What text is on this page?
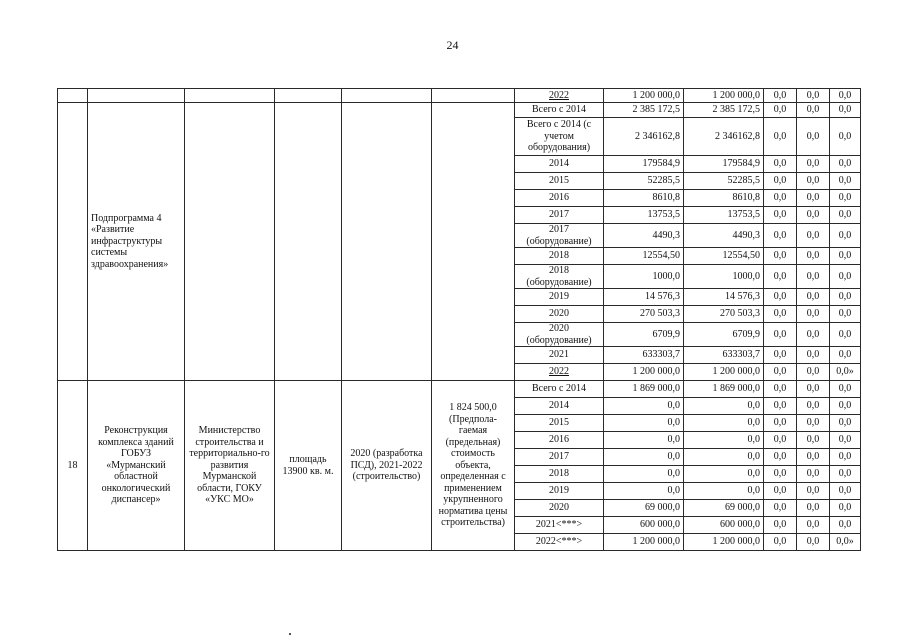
24
						2022	1 200 000,0	1 200 000,0	0,0	0,0	0,0
	Подпрограмма 4 «Развитие инфраструктуры системы здравоохранения»					Всего с 2014	2 385 172,5	2 385 172,5	0,0	0,0	0,0
						Всего с 2014 (с учетом оборудования)	2 346162,8	2 346162,8	0,0	0,0	0,0
						2014	179584,9	179584,9	0,0	0,0	0,0
						2015	52285,5	52285,5	0,0	0,0	0,0
						2016	8610,8	8610,8	0,0	0,0	0,0
						2017	13753,5	13753,5	0,0	0,0	0,0
						2017 (оборудование)	4490,3	4490,3	0,0	0,0	0,0
						2018	12554,50	12554,50	0,0	0,0	0,0
						2018 (оборудование)	1000,0	1000,0	0,0	0,0	0,0
						2019	14 576,3	14 576,3	0,0	0,0	0,0
						2020	270 503,3	270 503,3	0,0	0,0	0,0
						2020 (оборудование)	6709,9	6709,9	0,0	0,0	0,0
						2021	633303,7	633303,7	0,0	0,0	0,0
						2022	1 200 000,0	1 200 000,0	0,0	0,0	0,0»
18	Реконструкция комплекса зданий ГОБУЗ «Мурманский областной онкологический диспансер»	Министерство строительства и территориально-го развития Мурманской области, ГОКУ «УКС МО»	площадь 13900 кв. м.	2020 (разработка ПСД), 2021-2022 (строительство)	1 824 500,0 (Предпола-гаемая (предельная) стоимость объекта, определенная с применением укрупненного норматива цены строительства)	Всего с 2014	1 869 000,0	1 869 000,0	0,0	0,0	0,0
						2014	0,0	0,0	0,0	0,0	0,0
						2015	0,0	0,0	0,0	0,0	0,0
						2016	0,0	0,0	0,0	0,0	0,0
						2017	0,0	0,0	0,0	0,0	0,0
						2018	0,0	0,0	0,0	0,0	0,0
						2019	0,0	0,0	0,0	0,0	0,0
						2020	69 000,0	69 000,0	0,0	0,0	0,0
						2021<***>	600 000,0	600 000,0	0,0	0,0	0,0
						2022<***>	1 200 000,0	1 200 000,0	0,0	0,0	0,0»
